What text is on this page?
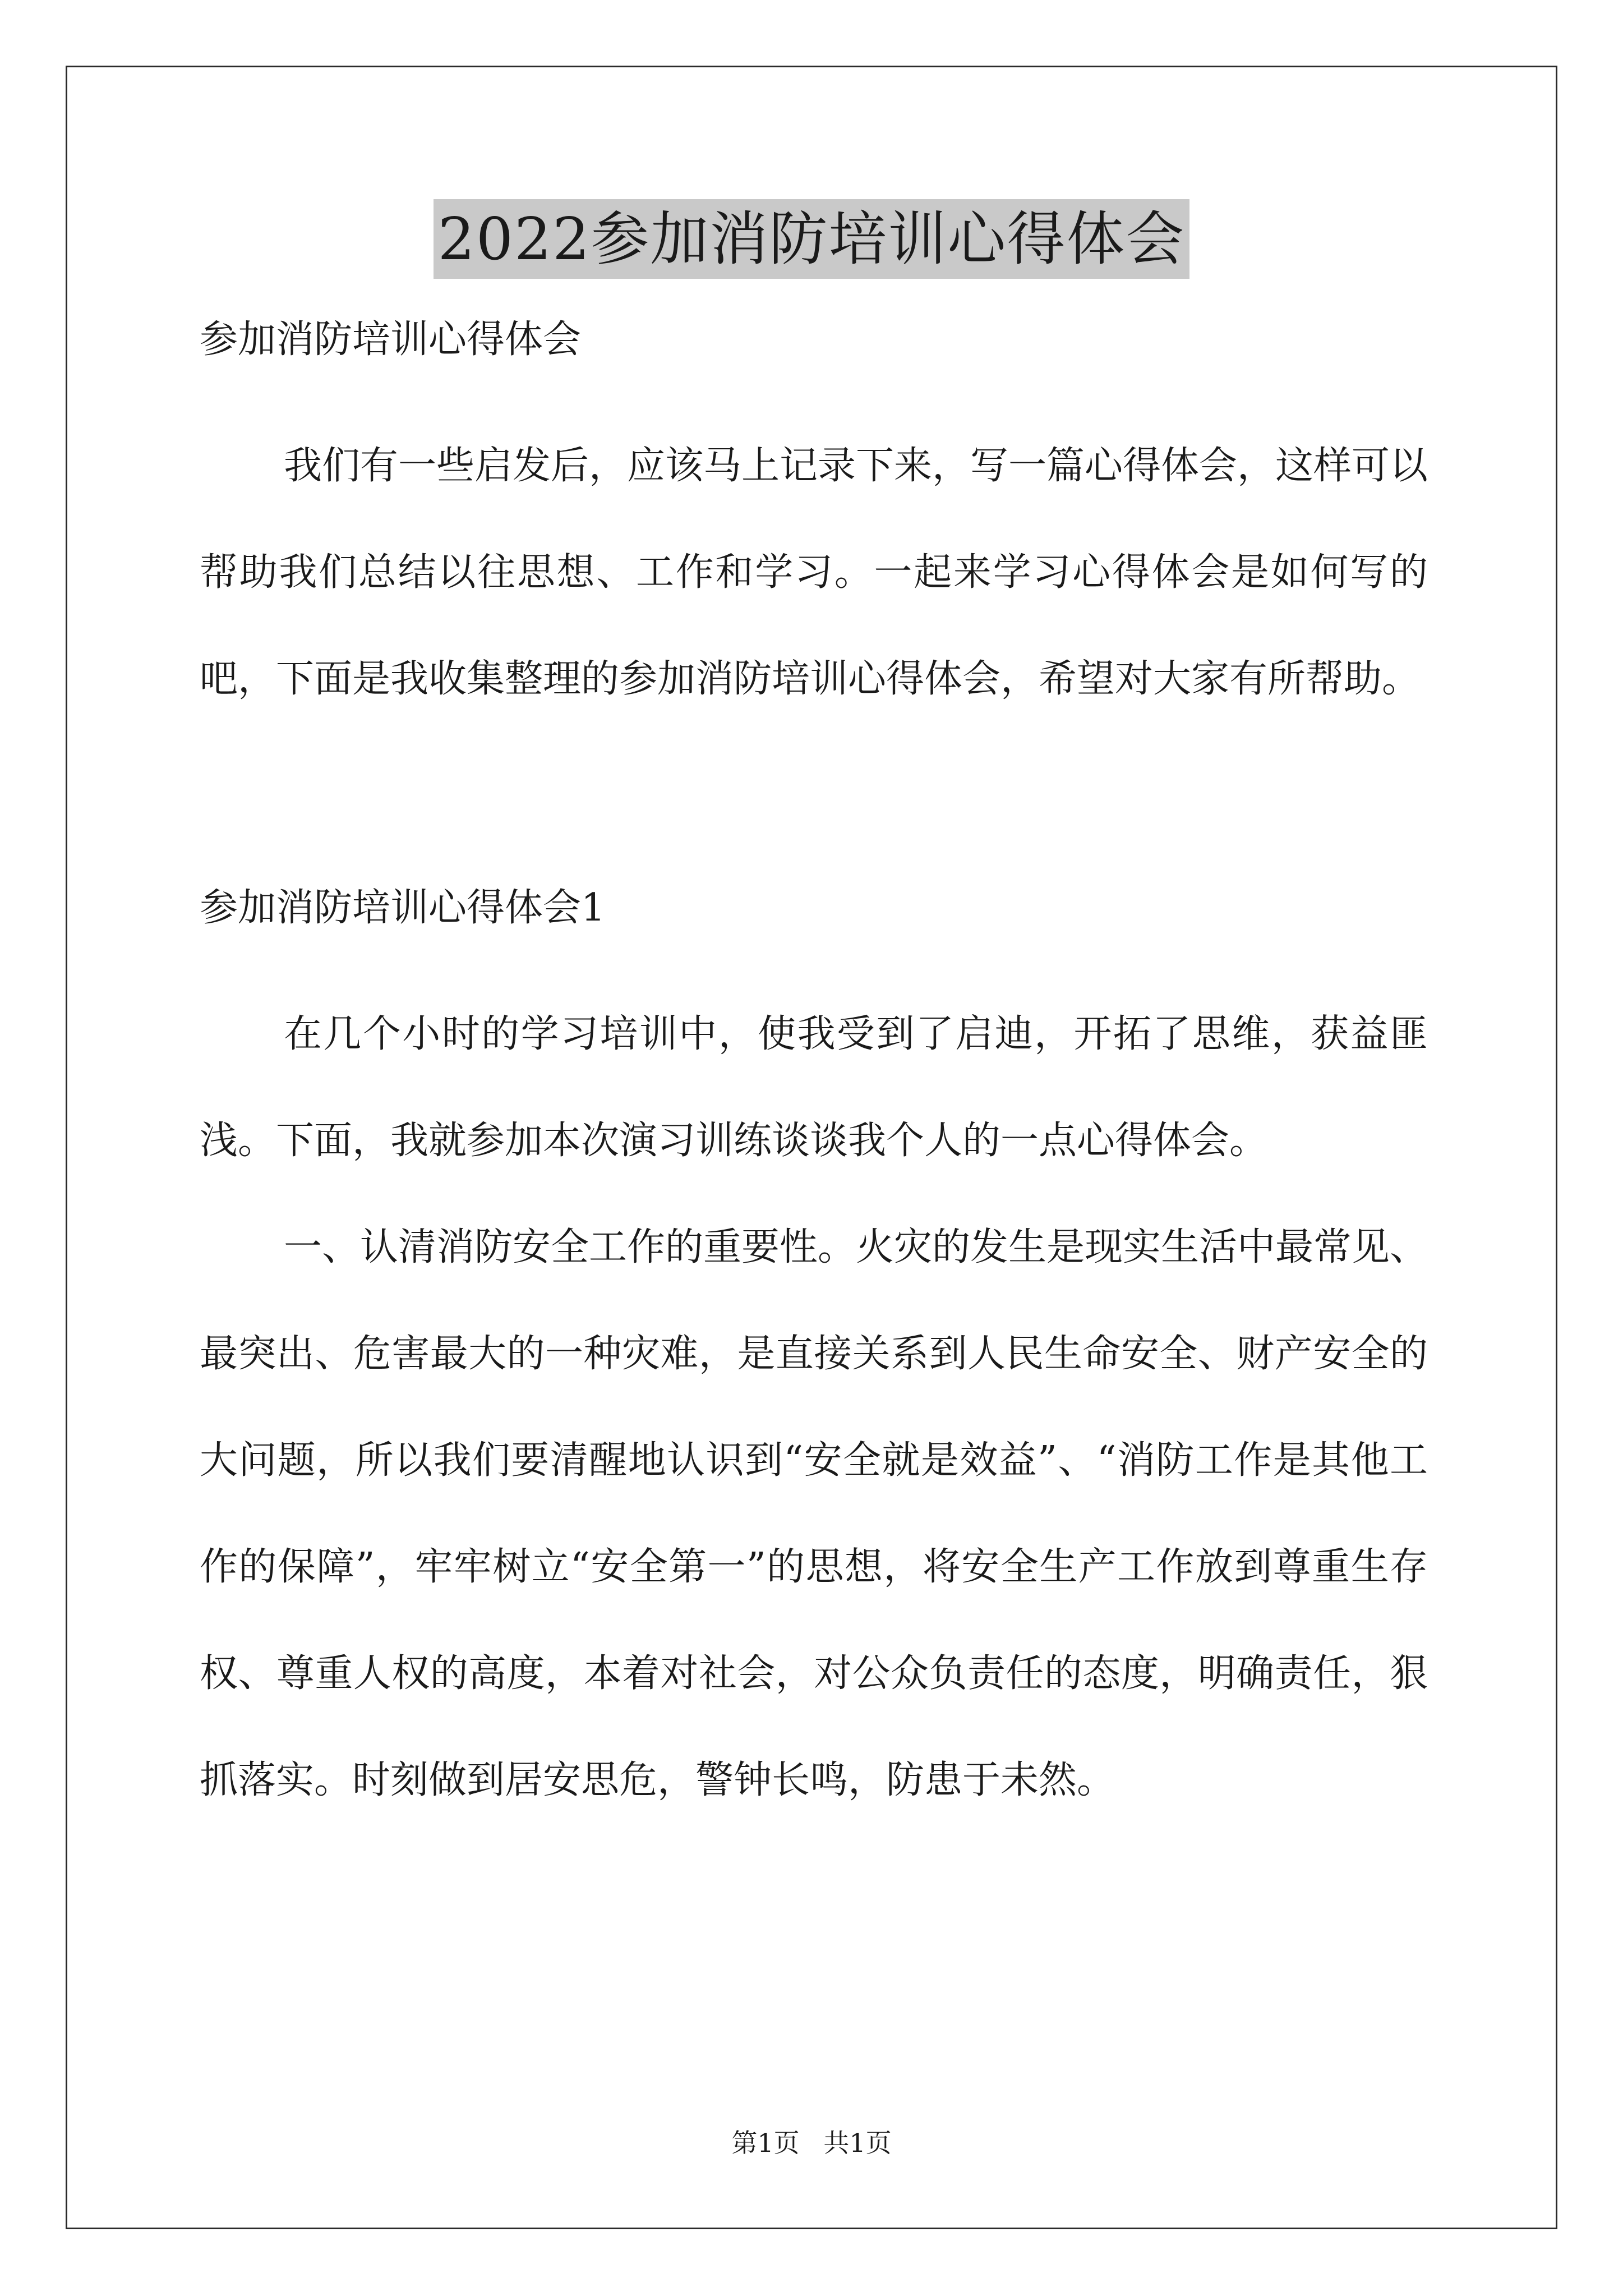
2022参加消防培训心得体会

参加消防培训心得体会

我们有一些启发后，应该马上记录下来，写一篇心得体会，这样可以帮助我们总结以往思想、工作和学习。一起来学习心得体会是如何写的吧，下面是我收集整理的参加消防培训心得体会，希望对大家有所帮助。

参加消防培训心得体会1

在几个小时的学习培训中，使我受到了启迪，开拓了思维，获益匪浅。下面，我就参加本次演习训练谈谈我个人的一点心得体会。

一、认清消防安全工作的重要性。火灾的发生是现实生活中最常见、最突出、危害最大的一种灾难，是直接关系到人民生命安全、财产安全的大问题，所以我们要清醒地认识到“安全就是效益”、“消防工作是其他工作的保障”，牢牢树立“安全第一”的思想，将安全生产工作放到尊重生存权、尊重人权的高度，本着对社会，对公众负责任的态度，明确责任，狠抓落实。时刻做到居安思危，警钟长鸣，防患于未然。

第1页 共1页
